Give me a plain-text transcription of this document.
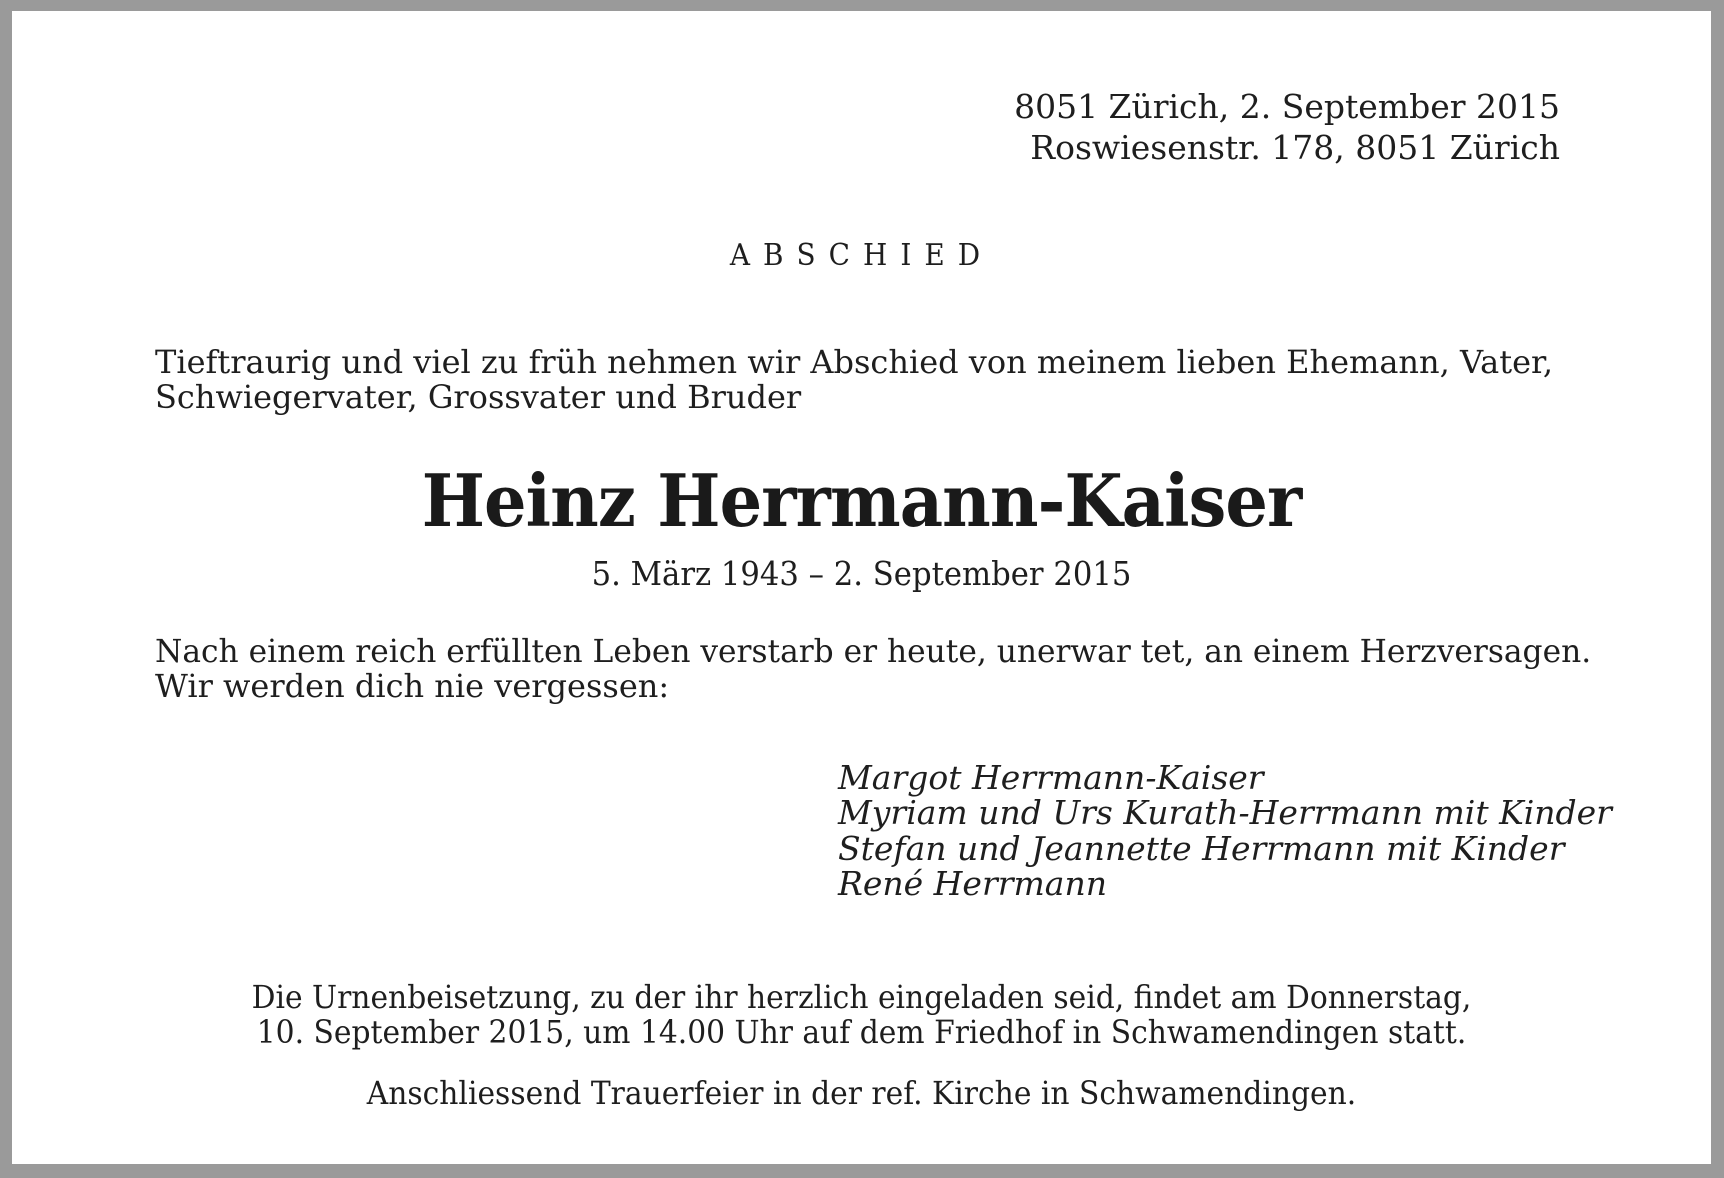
8051 Zürich, 2. September 2015
Roswiesenstr. 178, 8051 Zürich
ABSCHIED
Tieftraurig und viel zu früh nehmen wir Abschied von meinem lieben Ehemann, Vater,
Schwiegervater, Grossvater und Bruder
Heinz Herrmann-Kaiser
5. März 1943 – 2. September 2015
Nach einem reich erfüllten Leben verstarb er heute, unerwar tet, an einem Herzversagen.
Wir werden dich nie vergessen:
Margot Herrmann-Kaiser
Myriam und Urs Kurath-Herrmann mit Kinder
Stefan und Jeannette Herrmann mit Kinder
René Herrmann
Die Urnenbeisetzung, zu der ihr herzlich eingeladen seid, findet am Donnerstag,
10. September 2015, um 14.00 Uhr auf dem Friedhof in Schwamendingen statt.
Anschliessend Trauerfeier in der ref. Kirche in Schwamendingen.
